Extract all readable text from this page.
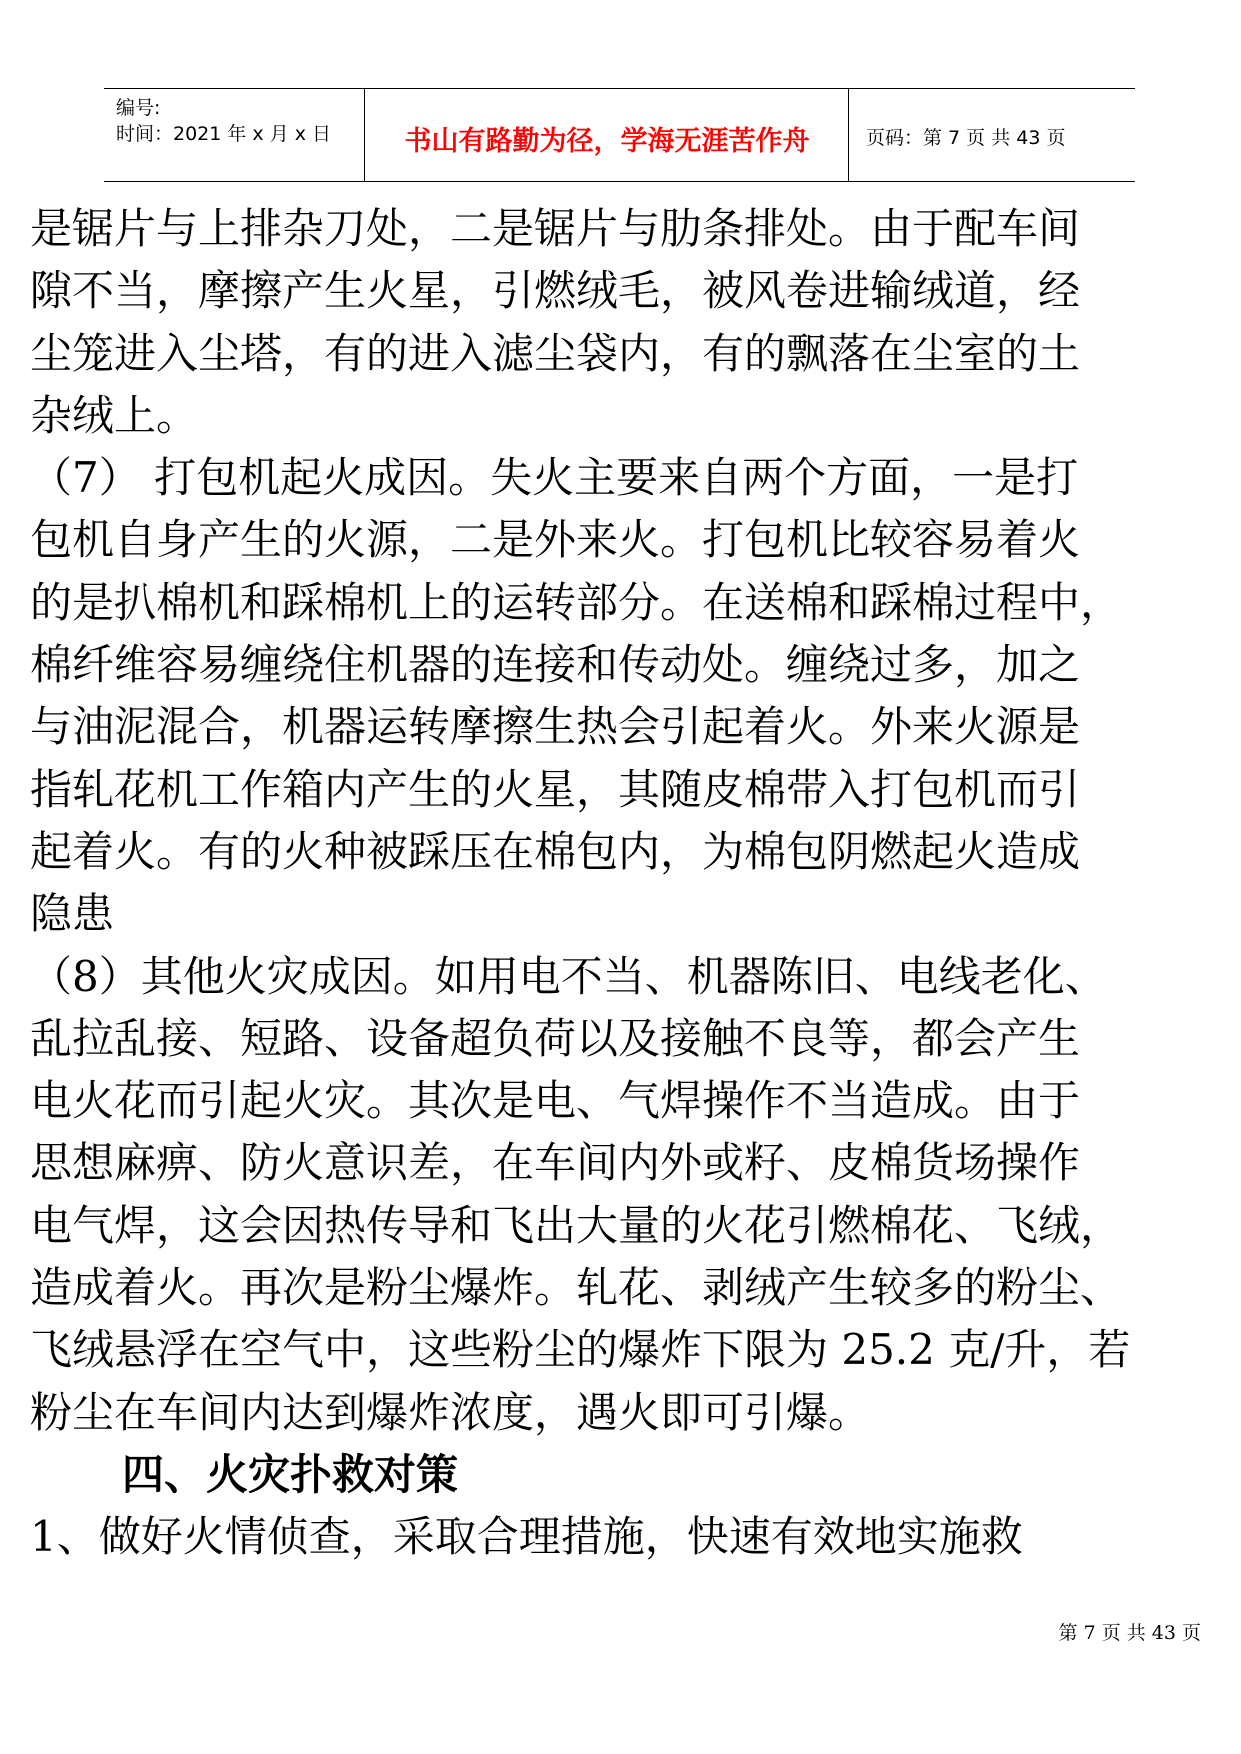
编号:
时间：2021 年 x 月 x 日	书山有路勤为径，学海无涯苦作舟	页码：第 7 页 共 43 页

是锯片与上排杂刀处，二是锯片与肋条排处。由于配车间

隙不当，摩擦产生火星，引燃绒毛，被风卷进输绒道，经

尘笼进入尘塔，有的进入滤尘袋内，有的飘落在尘室的土

杂绒上。

（7） 打包机起火成因。失火主要来自两个方面，一是打

包机自身产生的火源，二是外来火。打包机比较容易着火

的是扒棉机和踩棉机上的运转部分。在送棉和踩棉过程中，

棉纤维容易缠绕住机器的连接和传动处。缠绕过多，加之

与油泥混合，机器运转摩擦生热会引起着火。外来火源是

指轧花机工作箱内产生的火星，其随皮棉带入打包机而引

起着火。有的火种被踩压在棉包内，为棉包阴燃起火造成

隐患

（8）其他火灾成因。如用电不当、机器陈旧、电线老化、

乱拉乱接、短路、设备超负荷以及接触不良等，都会产生

电火花而引起火灾。其次是电、气焊操作不当造成。由于

思想麻痹、防火意识差，在车间内外或籽、皮棉货场操作

电气焊，这会因热传导和飞出大量的火花引燃棉花、飞绒，

造成着火。再次是粉尘爆炸。轧花、剥绒产生较多的粉尘、

飞绒悬浮在空气中，这些粉尘的爆炸下限为 25.2 克/升，若

粉尘在车间内达到爆炸浓度，遇火即可引爆。

四、火灾扑救对策

1、做好火情侦查，采取合理措施，快速有效地实施救

第 7 页 共 43 页
